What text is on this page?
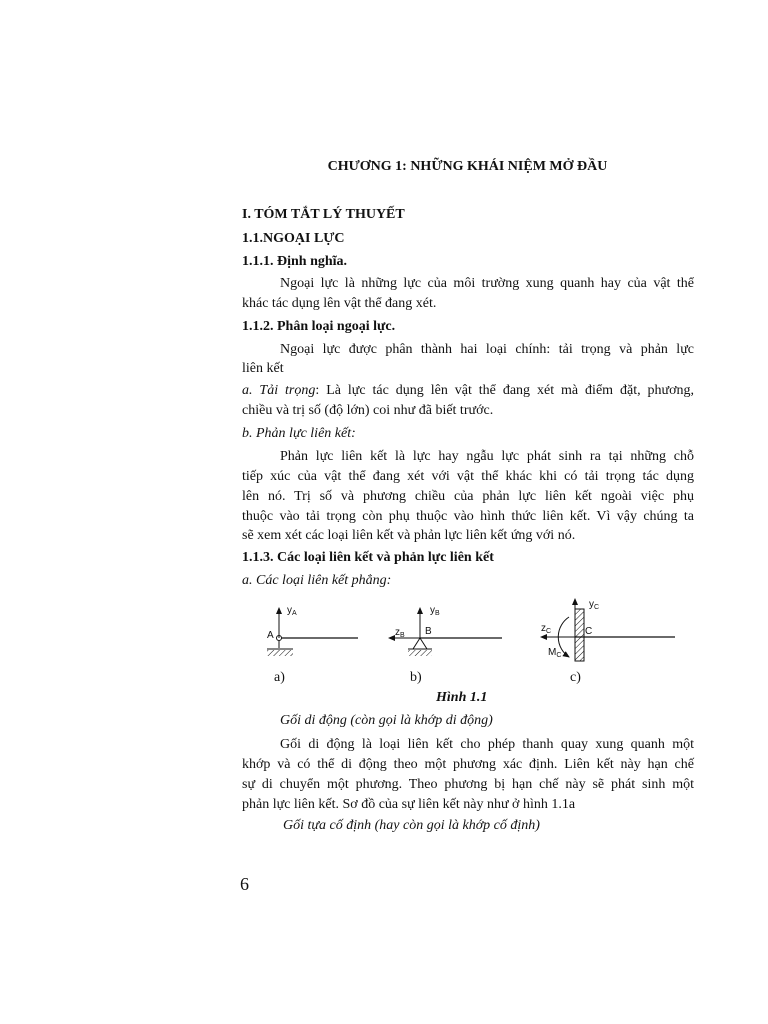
CHƯƠNG 1: NHỮNG KHÁI NIỆM MỞ ĐẦU
I. TÓM TẮT LÝ THUYẾT
1.1.NGOẠI LỰC
1.1.1. Định nghĩa.
Ngoại lực là những lực của môi trường xung quanh hay của vật thể
khác tác dụng lên vật thể đang xét.
1.1.2. Phân loại ngoại lực.
Ngoại lực được phân thành hai loại chính: tải trọng và phản lực
liên kết
a. Tải trọng: Là lực tác dụng lên vật thể đang xét mà điểm đặt, phương,
chiều và trị số (độ lớn) coi như đã biết trước.
b. Phản lực liên kết:
Phản lực liên kết là lực hay ngẫu lực phát sinh ra tại những chỗ
tiếp xúc của vật thể đang xét với vật thể khác khi có tải trọng tác dụng
lên nó. Trị số và phương chiều của phản lực liên kết ngoài việc phụ
thuộc vào tải trọng còn phụ thuộc vào hình thức liên kết. Vì vậy chúng ta
sẽ xem xét các loại liên kết và phản lực liên kết ứng với nó.
1.1.3. Các loại liên kết và phản lực liên kết
a. Các loại liên kết phẳng:
$y_A$
A
$y_B$
$z_B$ B
$y_C$
$z_C$	C
$M_C$
a)	b)	c)
Hình 1.1
Gối di động (còn gọi là khớp di động)
Gối di động là loại liên kết cho phép thanh quay xung quanh một
khớp và có thể di động theo một phương xác định. Liên kết này hạn chế
sự di chuyển một phương. Theo phương bị hạn chế này sẽ phát sinh một
phản lực liên kết. Sơ đồ của sự liên kết này như ở hình 1.1a
Gối tựa cố định (hay còn gọi là khớp cố định)
6
